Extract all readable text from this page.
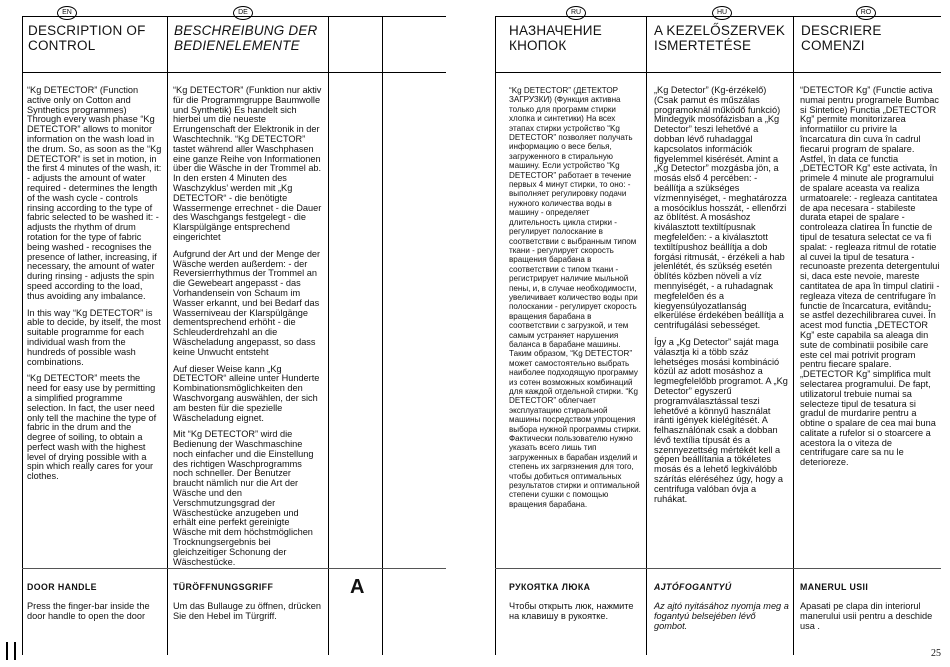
EN	DE
DESCRIPTION OF CONTROL
BESCHREIBUNG DER BEDIENELEMENTE

“Kg DETECTOR” (Function active only on Cotton and Synthetics programmes) Through every wash phase “Kg DETECTOR” allows to monitor information on the wash load in the drum. So, as soon as the “Kg DETECTOR” is set in motion, in the first 4 minutes of the wash, it: - adjusts the amount of water required - determines the length of the wash cycle - controls rinsing according to the type of fabric selected to be washed it: - adjusts the rhythm of drum rotation for the type of fabric being washed - recognises the presence of lather, increasing, if necessary, the amount of water during rinsing - adjusts the spin speed according to the load, thus avoiding any imbalance.

In this way “Kg DETECTOR” is able to decide, by itself, the most suitable programme for each individual wash from the hundreds of possible wash combinations.

“Kg DETECTOR” meets the need for easy use by permitting a simplified programme selection. In fact, the user need only tell the machine the type of fabric in the drum and the degree of soiling, to obtain a perfect wash with the highest level of drying possible with a spin which really cares for your clothes.

“Kg DETECTOR” (Funktion nur aktiv für die Programmgruppe Baumwolle und Synthetik) Es handelt sich hierbei um die neueste Errungenschaft der Elektronik in der Waschtechnik. “Kg DETECTOR” tastet während aller Waschphasen eine ganze Reihe von Informationen über die Wäsche in der Trommel ab. In den ersten 4 Minuten des Waschzyklus’ werden mit „Kg DETECTOR“ - die benötigte Wassermenge errechnet - die Dauer des Waschgangs festgelegt - die Klarspülgänge entsprechend eingerichtet

Aufgrund der Art und der Menge der Wäsche werden außerdem: - der Reversierrhythmus der Trommel an die Gewebeart angepasst - das Vorhandensein von Schaum im Wasser erkannt, und bei Bedarf das Wasserniveau der Klarspülgänge dementsprechend erhöht - die Schleuderdrehzahl an die Wäscheladung angepasst, so dass keine Unwucht entsteht

Auf dieser Weise kann „Kg DETECTOR“ alleine unter Hunderte Kombinationsmöglichkeiten den Waschvorgang auswählen, der sich am besten für die spezielle Wäscheladung eignet.

Mit “Kg DETECTOR” wird die Bedienung der Waschmaschine noch einfacher und die Einstellung des richtigen Waschprogramms noch schneller. Der Benutzer braucht nämlich nur die Art der Wäsche und den Verschmutzungsgrad der Wäschestücke anzugeben und erhält eine perfekt gereinigte Wäsche mit dem höchstmöglichen Trocknungsergebnis bei gleichzeitiger Schonung der Wäschestücke.

DOOR HANDLE
Press the finger-bar inside the door handle to open the door
TÜRÖFFNUNGSGRIFF
Um das Bullauge zu öffnen, drücken Sie den Hebel im Türgriff.
A
RU	HU	RO
НАЗНАЧЕНИЕ КНОПОК
A KEZELŐSZERVEK ISMERTETÉSE
DESCRIERE COMENZI

“Kg DETECTOR” (ДЕТЕКТОР ЗАГРУЗКИ) (Функция активна только для программ стирки хлопка и синтетики) На всех этапах стирки устройство “Kg DETECTOR” позволяет получать информацию о весе белья, загруженного в стиральную машину. Если устройство “Kg DETECTOR” работает в течение первых 4 минут стирки, то оно: - выполняет регулировку подачи нужного количества воды в машину - определяет длительность цикла стирки - регулирует полоскание в соответствии с выбранным типом ткани - регулирует скорость вращения барабана в соответствии с типом ткани - регистрирует наличие мыльной пены, и, в случае необходимости, увеличивает количество воды при полоскании - регулирует скорость вращения барабана в соответствии с загрузкой, и тем самым устраняет нарушения баланса в барабане машины. Таким образом, “Kg DETECTOR” может самостоятельно выбрать наиболее подходящую программу из сотен возможных комбинаций для каждой отдельной стирки. “Kg DETECTOR” облегчает эксплуатацию стиральной машины посредством упрощения выбора нужной программы стирки. Фактически пользователю нужно указать всего лишь тип загруженных в барабан изделий и степень их загрязнения для того, чтобы добиться оптимальных результатов стирки и оптимальной степени сушки с помощью вращения барабана.

„Kg Detector” (Kg-érzékelő) (Csak pamut és műszálas programoknál működő funkció) Mindegyik mosófázisban a „Kg Detector” teszi lehetővé a dobban lévő ruhadaggal kapcsolatos információk figyelemmel kisérését. Amint a „Kg Detector” mozgásba jön, a mosás első 4 percében: - beállítja a szükséges vízmennyiséget, - meghatározza a mosóciklus hosszát, - ellenőrzi az öblítést. A mosáshoz kiválasztott textiltípusnak megfelelően: - a kiválasztott textiltípushoz beállítja a dob forgási ritmusát, - érzékeli a hab jelenlétét, és szükség esetén öblítés közben növeli a víz mennyiségét, - a ruhadagnak megfelelően és a kiegyensúlyozatlanság elkerülése érdekében beállítja a centrifugálási sebességet.

Így a „Kg Detector” saját maga választja ki a több száz lehetséges mosási kombináció közül az adott mosáshoz a legmegfelelőbb programot. A „Kg Detector” egyszerű programválasztással teszi lehetővé a könnyű használat iránti igények kielégítését. A felhasználónak csak a dobban lévő textília típusát és a szennyezettség mértékét kell a gépen beállítania a tökéletes mosás és a lehető legkiválóbb szárítás eléréséhez úgy, hogy a centrifuga valóban óvja a ruhákat.

“DETECTOR Kg” (Functie activa numai pentru programele Bumbac si Sintetice) Functia „DETECTOR Kg” permite monitorizarea informatiilor cu privire la încarcatura din cuva în cadrul fiecarui program de spalare. Astfel, în data ce functia „DETECTOR Kg” este activata, în primele 4 minute ale programului de spalare aceasta va realiza urmatoarele: - regleaza cantitatea de apa necesara - stabileste durata etapei de spalare - controleaza clatirea În functie de tipul de tesatura selectat ce va fi spalat: - regleaza ritmul de rotatie al cuvei la tipul de tesatura - recunoaste prezenta detergentului si, daca este nevoie, mareste cantitatea de apa în timpul clatirii - regleaza viteza de centrifugare în functie de încarcatura, evitându-se astfel dezechilibrarea cuvei. În acest mod functia „DETECTOR Kg” este capabila sa aleaga din sute de combinatii posibile care este cel mai potrivit program pentru fiecare spalare. „DETECTOR Kg” simplifica mult selectarea programului. De fapt, utilizatorul trebuie numai sa selecteze tipul de tesatura si gradul de murdarire pentru a obtine o spalare de cea mai buna calitate a rufelor si o stoarcere a acestora la o viteza de centrifugare care sa nu le deterioreze.

РУКОЯТКА ЛЮКА
Чтобы открыть люк, нажмите на клавишу в рукоятке.
AJTÓFOGANTYÚ
Az ajtó nyitásához nyomja meg a fogantyú belsejében lévő gombot.
MANERUL USII
Apasati pe clapa din interiorul manerului usii pentru a deschide usa .
25
